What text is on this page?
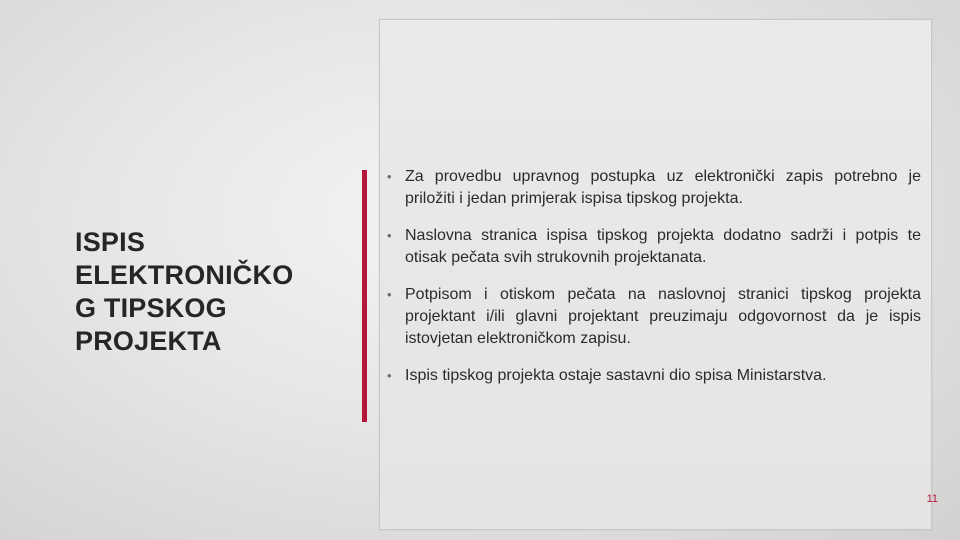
ISPIS
ELEKTRONIČKO
G TIPSKOG
PROJEKTA
• Za provedbu upravnog postupka uz elektronički zapis potrebno je priložiti i jedan primjerak ispisa tipskog projekta.
• Naslovna stranica ispisa tipskog projekta dodatno sadrži i potpis te otisak pečata svih strukovnih projektanata.
• Potpisom i otiskom pečata na naslovnoj stranici tipskog projekta projektant i/ili glavni projektant preuzimaju odgovornost da je ispis istovjetan elektroničkom zapisu.
• Ispis tipskog projekta ostaje sastavni dio spisa Ministarstva.
11
